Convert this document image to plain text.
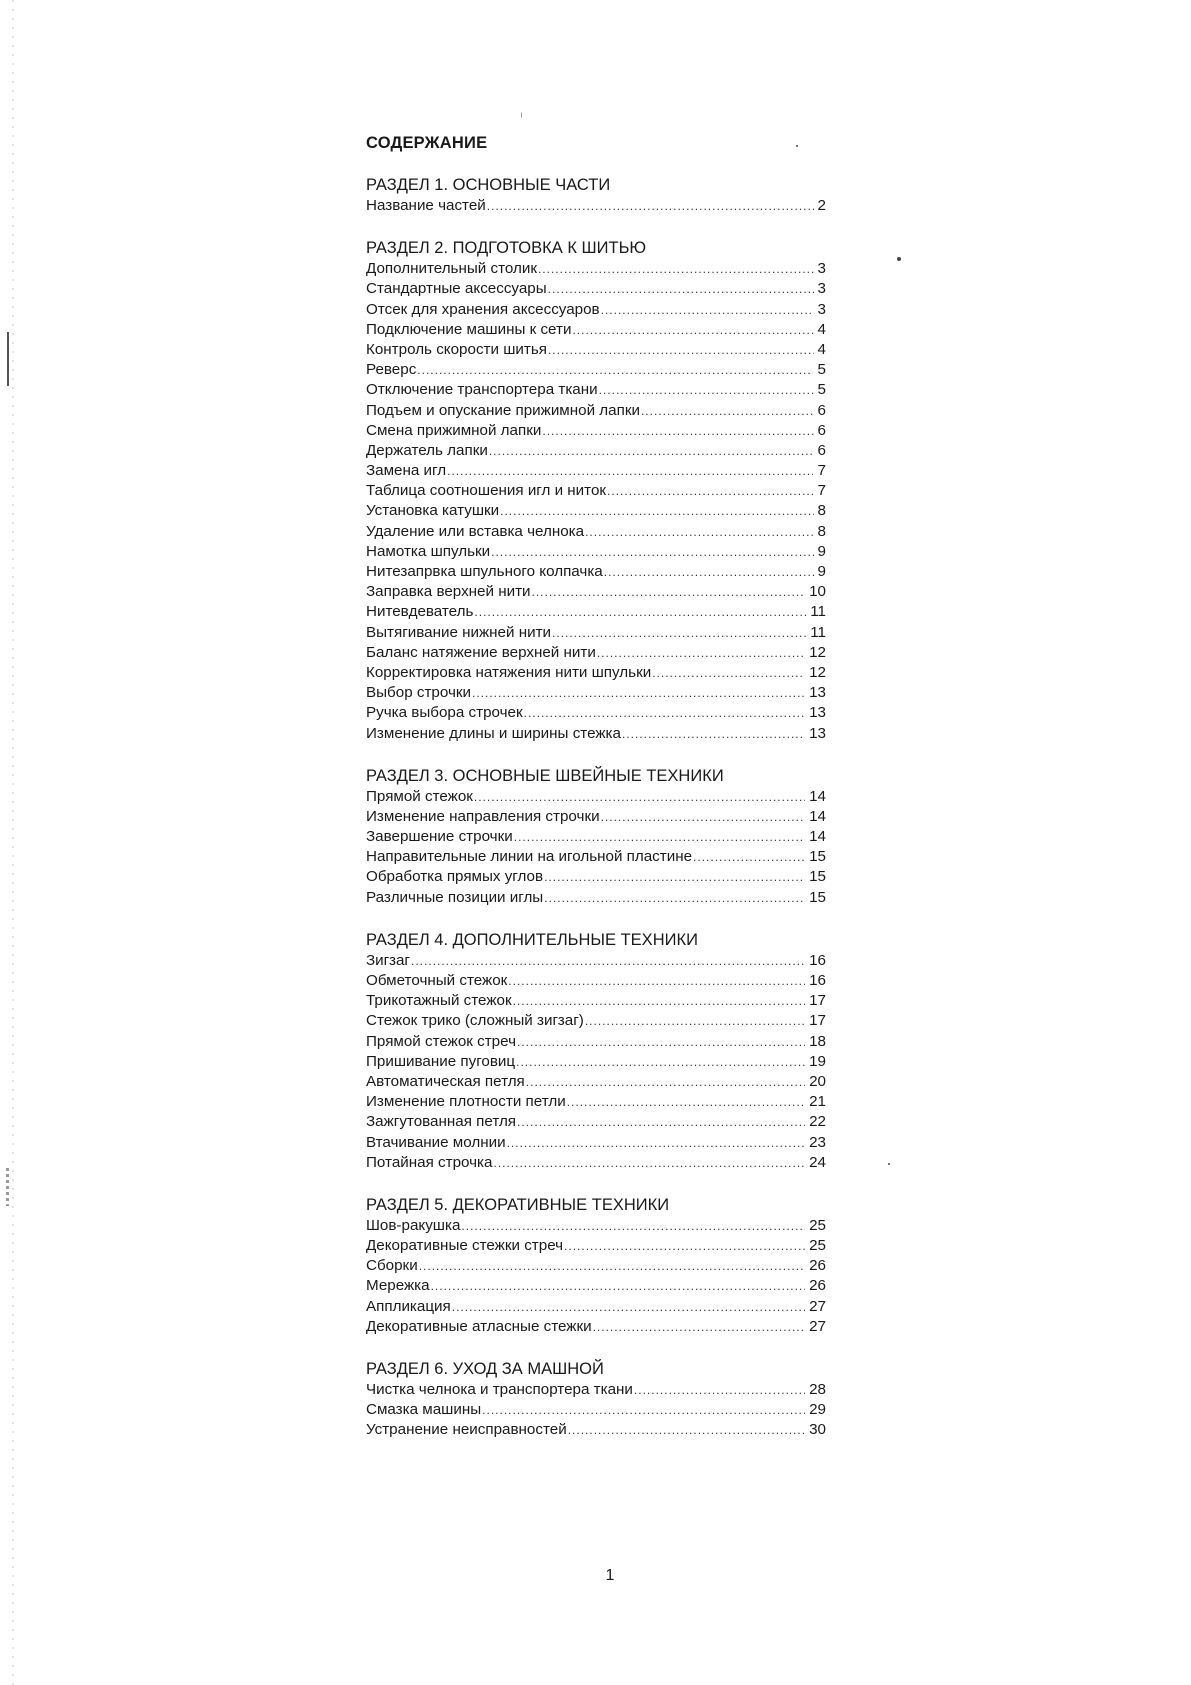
СОДЕРЖАНИЕ
РАЗДЕЛ 1. ОСНОВНЫЕ ЧАСТИ
Название частей .....	2
РАЗДЕЛ 2. ПОДГОТОВКА К ШИТЬЮ
Дополнительный столик .....	3
Стандартные аксессуары .....	3
Отсек для хранения аксессуаров .....	3
Подключение машины к сети .....	4
Контроль скорости шитья .....	4
Реверс .....	5
Отключение транспортера ткани .....	5
Подъем и опускание прижимной лапки .....	6
Смена прижимной лапки .....	6
Держатель лапки .....	6
Замена игл .....	7
Таблица соотношения игл и ниток .....	7
Установка катушки .....	8
Удаление или вставка челнока .....	8
Намотка шпульки .....	9
Нитезапрвка шпульного колпачка .....	9
Заправка верхней нити .....	10
Нитевдеватель .....	11
Вытягивание нижней нити .....	11
Баланс натяжение верхней нити .....	12
Корректировка натяжения нити шпульки .....	12
Выбор строчки .....	13
Ручка выбора строчек .....	13
Изменение длины и ширины стежка .....	13
РАЗДЕЛ 3. ОСНОВНЫЕ ШВЕЙНЫЕ ТЕХНИКИ
Прямой стежок .....	14
Изменение направления строчки .....	14
Завершение строчки .....	14
Направительные линии на игольной пластине .....	15
Обработка прямых углов .....	15
Различные позиции иглы .....	15
РАЗДЕЛ 4. ДОПОЛНИТЕЛЬНЫЕ ТЕХНИКИ
Зигзаг .....	16
Обметочный стежок .....	16
Трикотажный стежок .....	17
Стежок трико (сложный зигзаг) .....	17
Прямой стежок стреч .....	18
Пришивание пуговиц .....	19
Автоматическая петля .....	20
Изменение плотности петли .....	21
Зажгутованная петля .....	22
Втачивание молнии .....	23
Потайная строчка .....	24
РАЗДЕЛ 5. ДЕКОРАТИВНЫЕ ТЕХНИКИ
Шов-ракушка .....	25
Декоративные стежки стреч .....	25
Сборки .....	26
Мережка .....	26
Аппликация .....	27
Декоративные атласные стежки .....	27
РАЗДЕЛ 6. УХОД ЗА МАШНОЙ
Чистка челнока и транспортера ткани .....	28
Смазка машины .....	29
Устранение неисправностей .....	30
1
